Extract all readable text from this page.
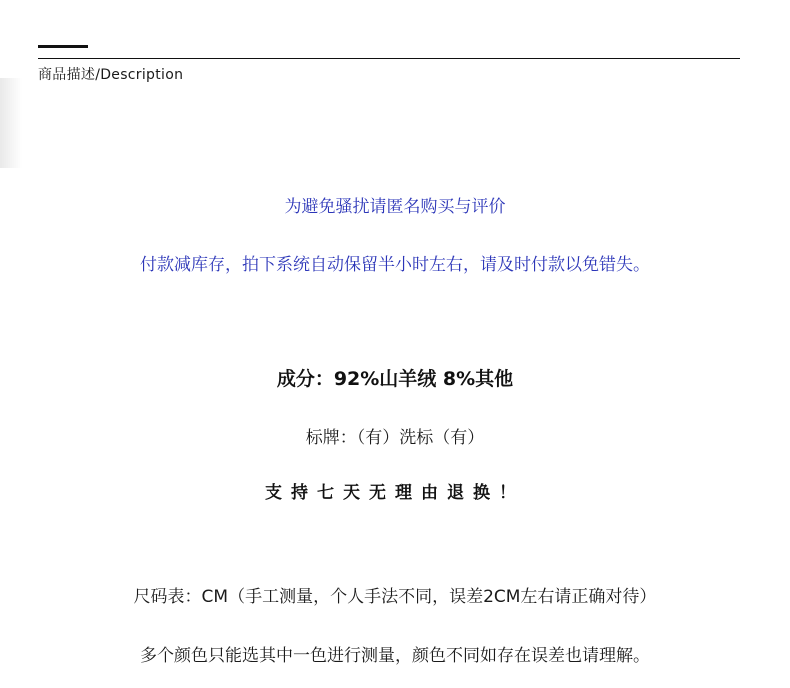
商品描述/Description
为避免骚扰请匿名购买与评价
付款减库存，拍下系统自动保留半小时左右，请及时付款以免错失。
成分：92%山羊绒 8%其他
标牌：（有）洗标（有）
支持七天无理由退换！
尺码表：CM（手工测量，个人手法不同，误差2CM左右请正确对待）
多个颜色只能选其中一色进行测量，颜色不同如存在误差也请理解。
